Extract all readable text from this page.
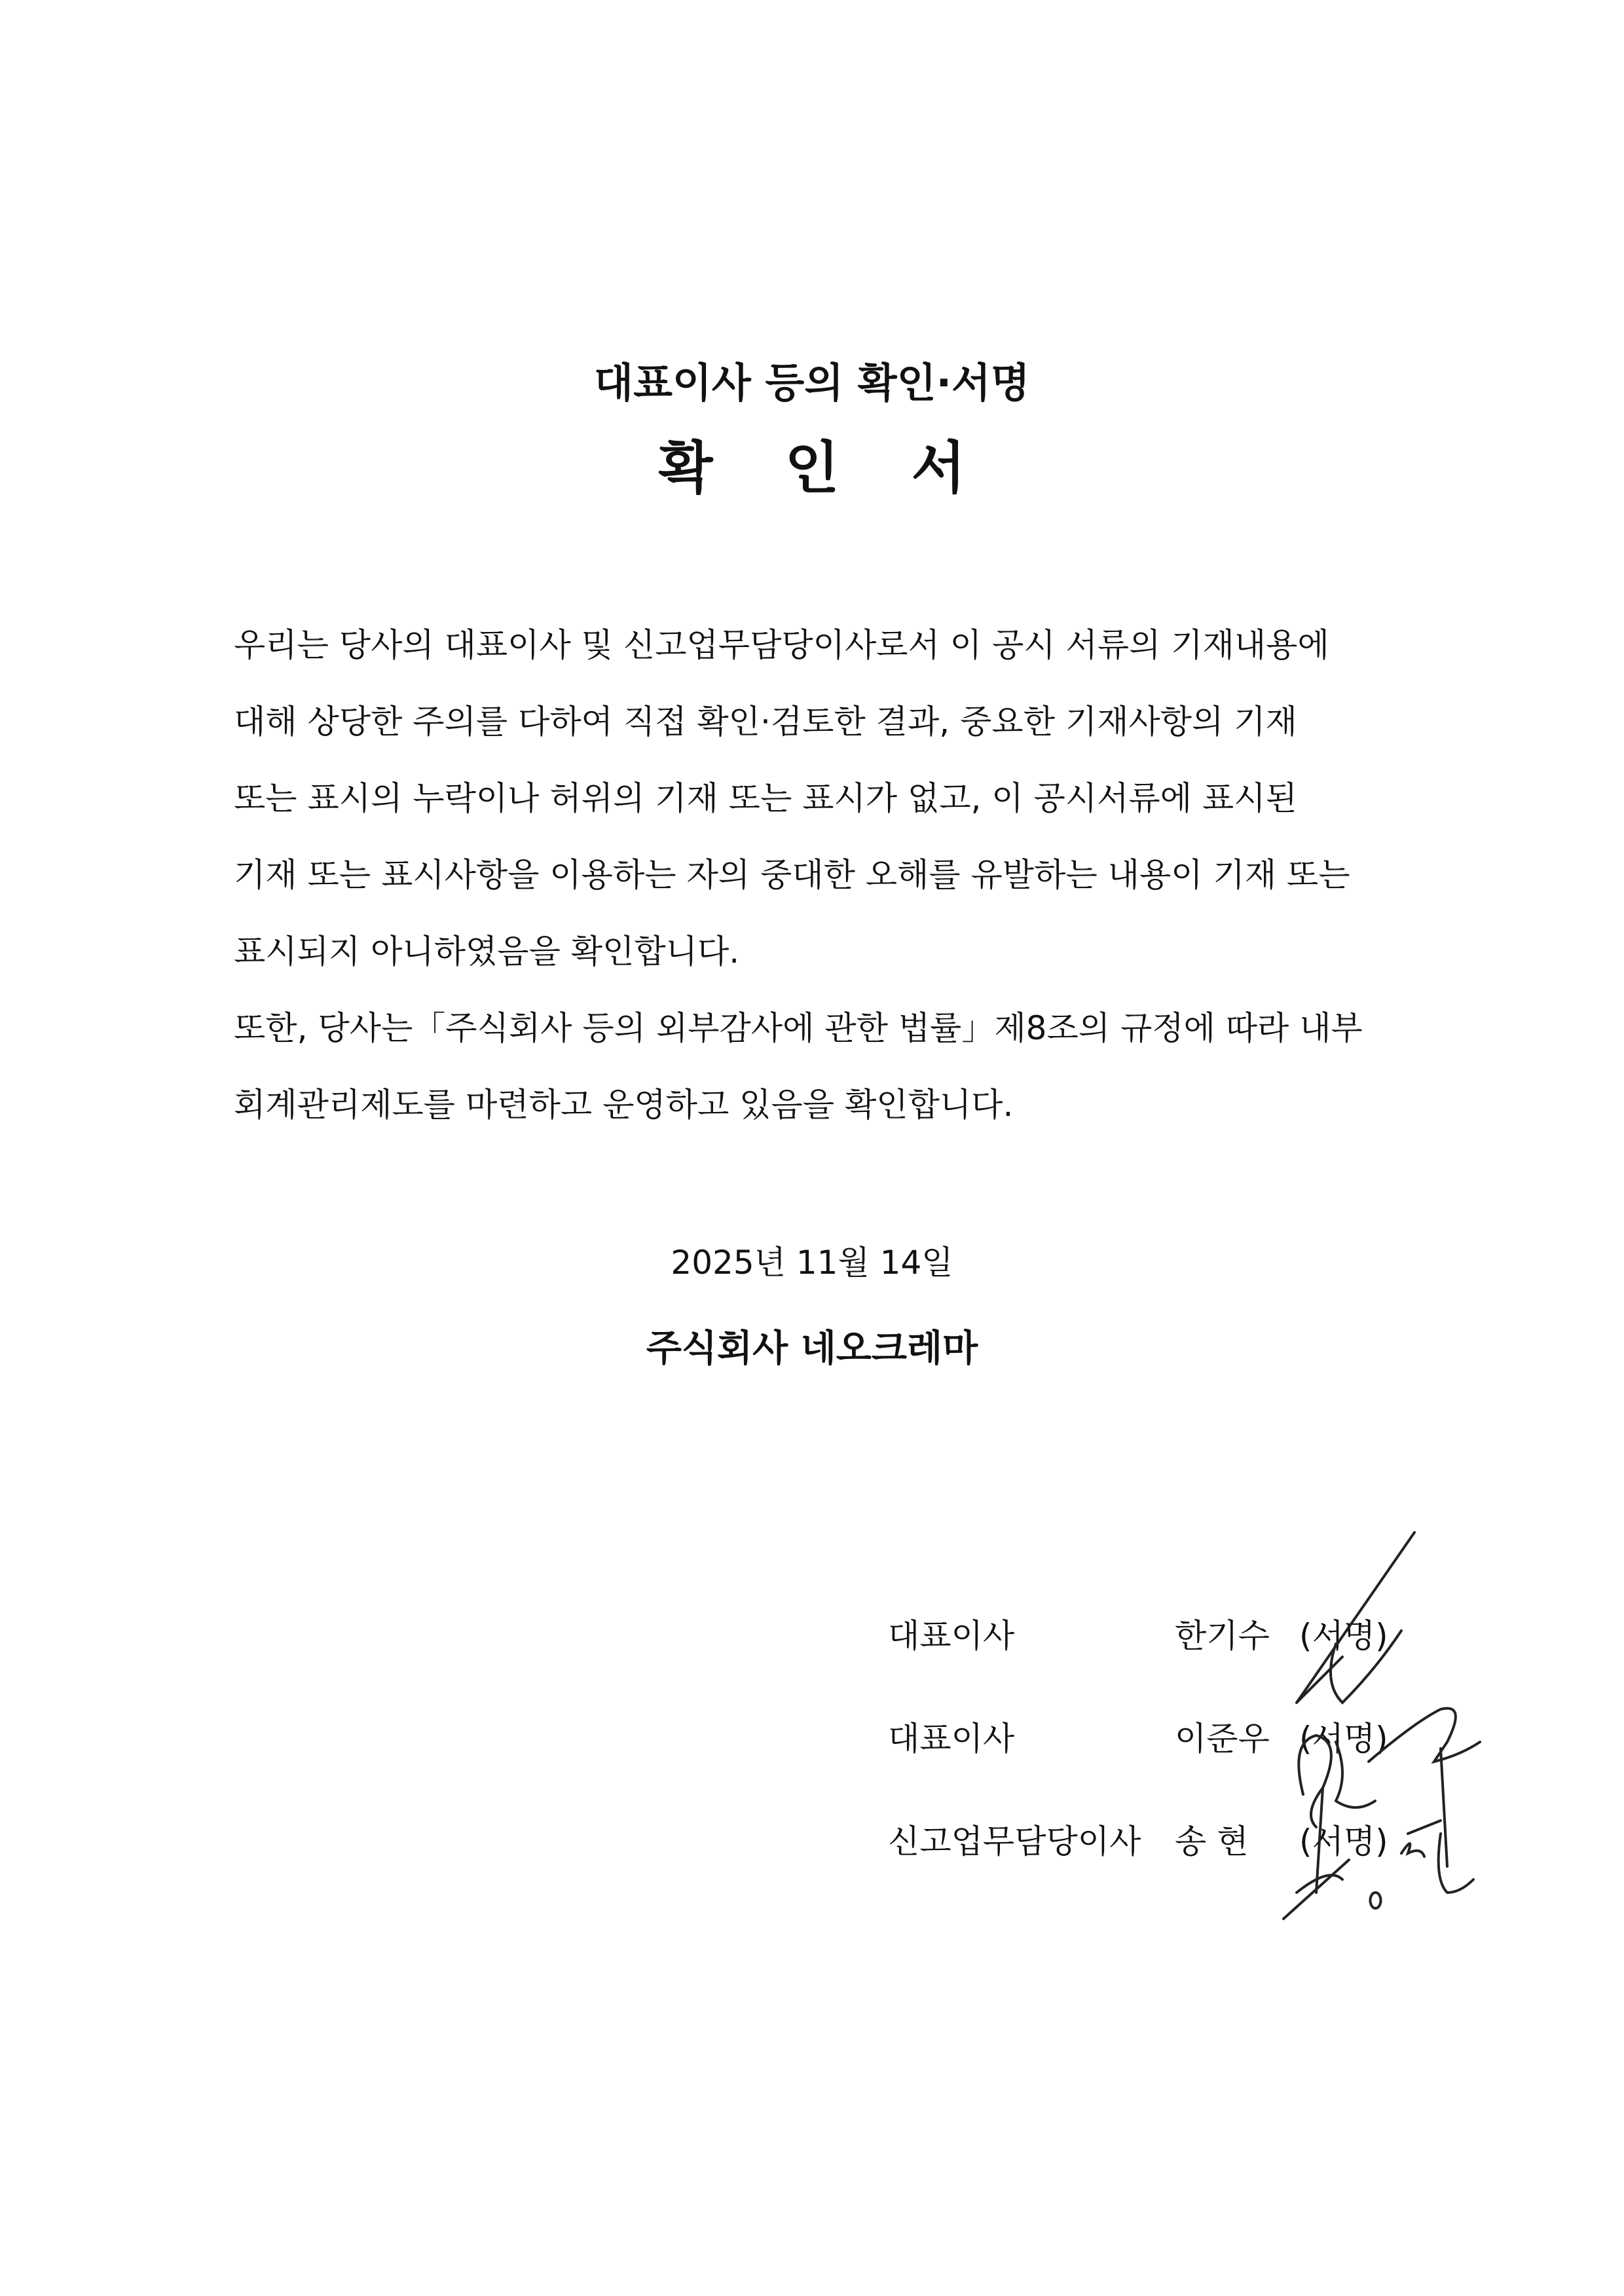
대표이사 등의 확인·서명
확 인 서
우리는 당사의 대표이사 및 신고업무담당이사로서 이 공시 서류의 기재내용에
대해 상당한 주의를 다하여 직접 확인·검토한 결과, 중요한 기재사항의 기재
또는 표시의 누락이나 허위의 기재 또는 표시가 없고, 이 공시서류에 표시된
기재 또는 표시사항을 이용하는 자의 중대한 오해를 유발하는 내용이 기재 또는
표시되지 아니하였음을 확인합니다.
또한, 당사는「주식회사 등의 외부감사에 관한 법률」제8조의 규정에 따라 내부
회계관리제도를 마련하고 운영하고 있음을 확인합니다.
2025년 11월 14일
주식회사 네오크레마
대표이사	한기수 (서명)
대표이사	이준우 (서명)
신고업무담당이사 송 현 (서명)
